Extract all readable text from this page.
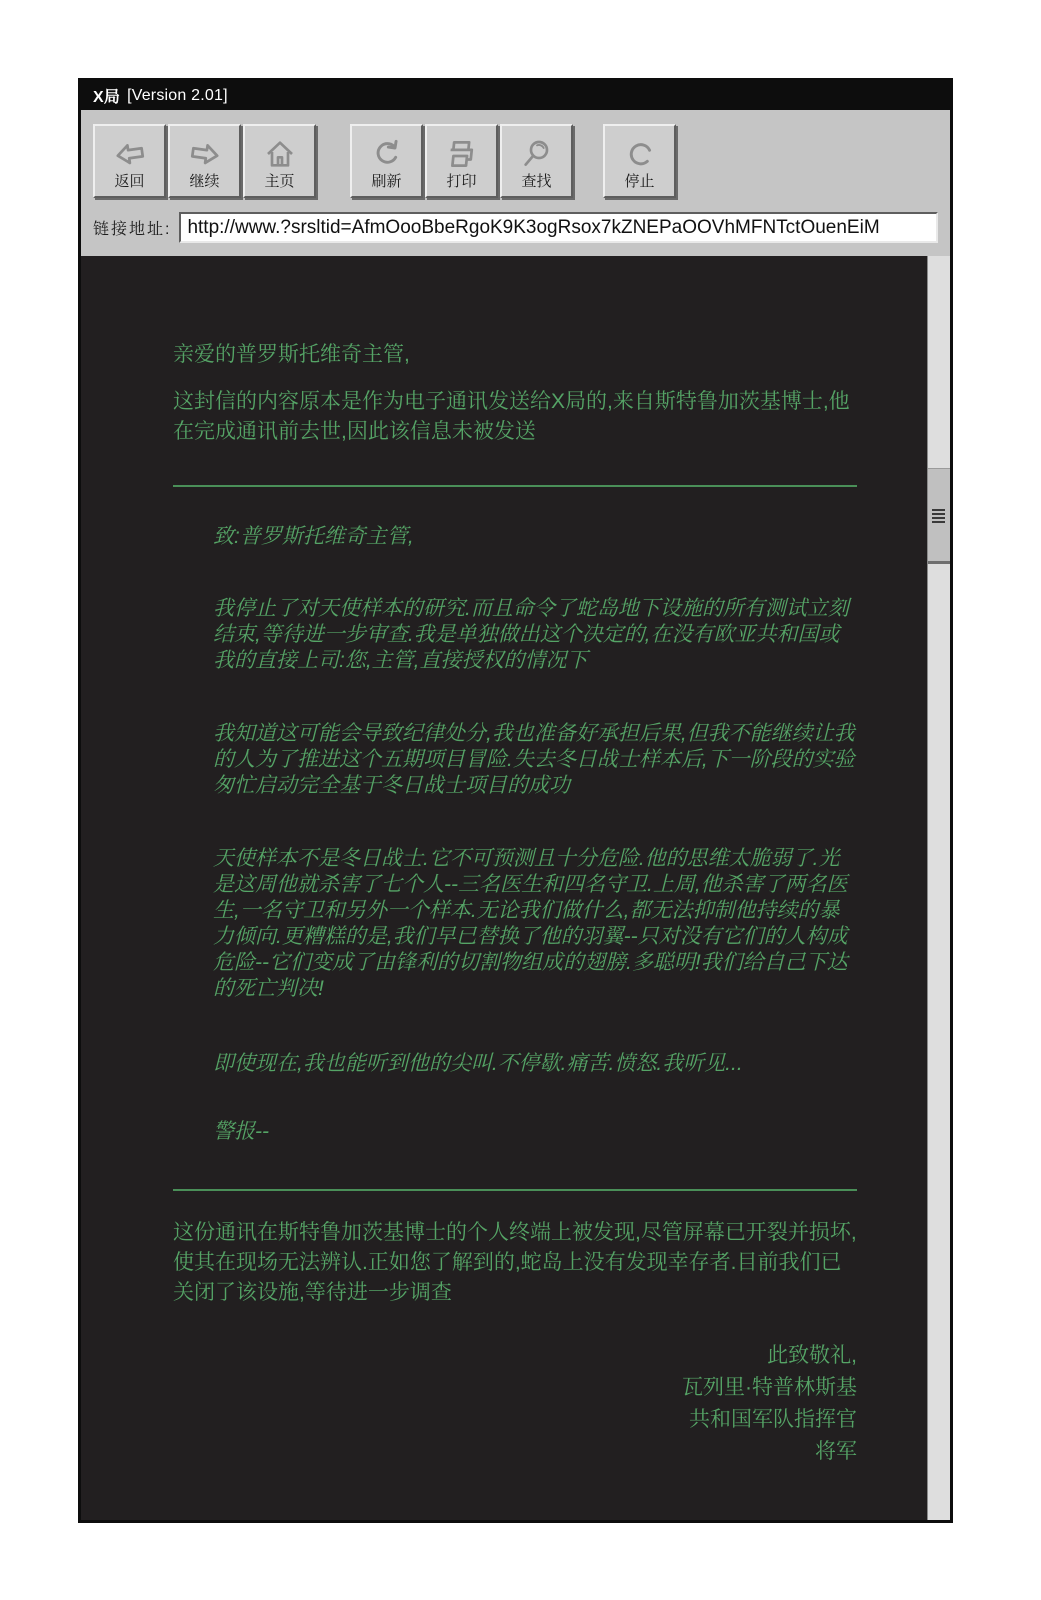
X局 [Version 2.01]
返回	继续	主页	刷新	打印	查找	停止
链接地址:
http://www.?srsltid=AfmOooBbeRgoK9K3ogRsox7kZNEPaOOVhMFNTctOuenEiM
亲爱的普罗斯托维奇主管,
这封信的内容原本是作为电子通讯发送给X局的,来自斯特鲁加茨基博士,他在完成通讯前去世,因此该信息未被发送
致:普罗斯托维奇主管,
我停止了对天使样本的研究.而且命令了蛇岛地下设施的所有测试立刻结束,等待进一步审查.我是单独做出这个决定的,在没有欧亚共和国或我的直接上司:您,主管,直接授权的情况下
我知道这可能会导致纪律处分,我也准备好承担后果,但我不能继续让我的人为了推进这个五期项目冒险.失去冬日战士样本后,下一阶段的实验匆忙启动完全基于冬日战士项目的成功
天使样本不是冬日战士.它不可预测且十分危险.他的思维太脆弱了.光是这周他就杀害了七个人--三名医生和四名守卫.上周,他杀害了两名医生,一名守卫和另外一个样本.无论我们做什么,都无法抑制他持续的暴力倾向.更糟糕的是,我们早已替换了他的羽翼--只对没有它们的人构成危险--它们变成了由锋利的切割物组成的翅膀.多聪明!我们给自己下达的死亡判决!
即使现在,我也能听到他的尖叫.不停歇.痛苦.愤怒.我听见...
警报--
这份通讯在斯特鲁加茨基博士的个人终端上被发现,尽管屏幕已开裂并损坏,使其在现场无法辨认.正如您了解到的,蛇岛上没有发现幸存者.目前我们已关闭了该设施,等待进一步调查
此致敬礼,
瓦列里·特普林斯基
共和国军队指挥官
将军
